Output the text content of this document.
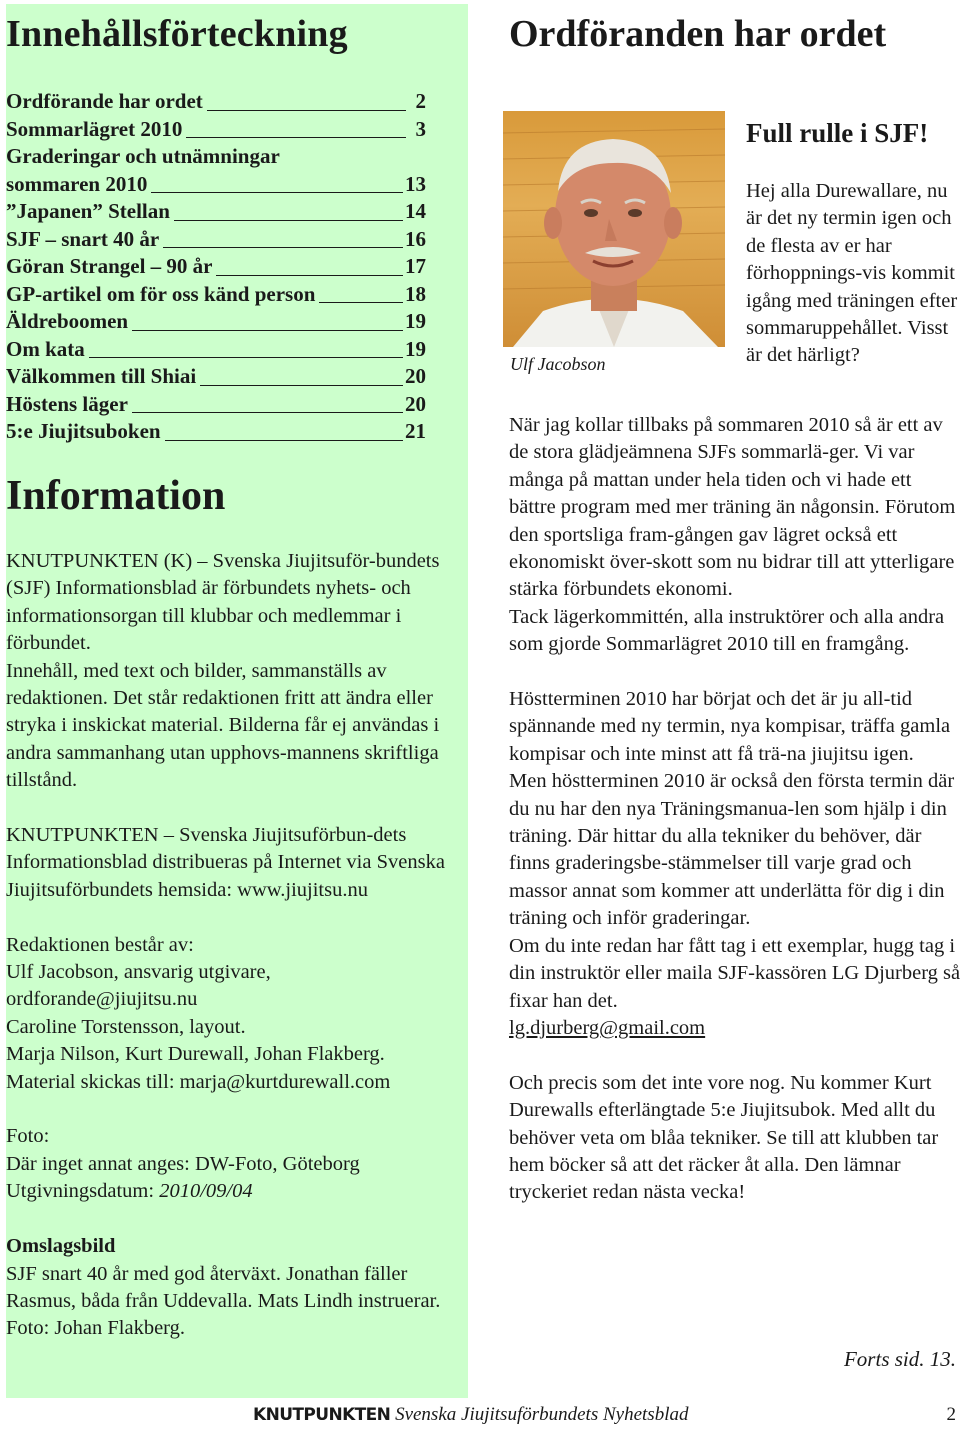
Innehållsförteckning
Ordförande har ordet	2
Sommarlägret 2010	3
Graderingar och utnämningar
sommaren 2010	13
”Japanen” Stellan	14
SJF – snart 40 år	16
Göran Strangel – 90 år	17
GP-artikel om för oss känd person	18
Äldreboomen	19
Om kata	19
Välkommen till Shiai	20
Höstens läger	20
5:e Jiujitsuboken	21
Information

KNUTPUNKTEN (K) – Svenska Jiujitsuför-bundets (SJF) Informationsblad är förbundets nyhets- och informationsorgan till klubbar och medlemmar i förbundet.

Innehåll, med text och bilder, sammanställs av redaktionen. Det står redaktionen fritt att ändra eller stryka i inskickat material. Bilderna får ej användas i andra sammanhang utan upphovs-mannens skriftliga tillstånd.

KNUTPUNKTEN – Svenska Jiujitsuförbun-dets Informationsblad distribueras på Internet via Svenska Jiujitsuförbundets hemsida: www.jiujitsu.nu

Redaktionen består av:

Ulf Jacobson, ansvarig utgivare,

ordforande@jiujitsu.nu

Caroline Torstensson, layout.

Marja Nilson, Kurt Durewall, Johan Flakberg.

Material skickas till: marja@kurtdurewall.com

Foto:

Där inget annat anges: DW-Foto, Göteborg

Utgivningsdatum: 2010/09/04

Omslagsbild

SJF snart 40 år med god återväxt. Jonathan fäller Rasmus, båda från Uddevalla. Mats Lindh instruerar. Foto: Johan Flakberg.

Ordföranden har ordet
Ulf Jacobson
Full rulle i SJF!

Hej alla Durewallare, nu är det ny termin igen och de flesta av er har förhoppnings-vis kommit igång med träningen efter sommaruppehållet. Visst är det härligt?

När jag kollar tillbaks på sommaren 2010 så är ett av de stora glädjeämnena SJFs sommarlä-ger. Vi var många på mattan under hela tiden och vi hade ett bättre program med mer träning än någonsin. Förutom den sportsliga fram-gången gav lägret också ett ekonomiskt över-skott som nu bidrar till att ytterligare stärka förbundets ekonomi.

Tack lägerkommittén, alla instruktörer och alla andra som gjorde Sommarlägret 2010 till en framgång.

Höstterminen 2010 har börjat och det är ju all-tid spännande med ny termin, nya kompisar, träffa gamla kompisar och inte minst att få trä-na jiujitsu igen.

Men höstterminen 2010 är också den första termin där du nu har den nya Träningsmanua-len som hjälp i din träning. Där hittar du alla tekniker du behöver, där finns graderingsbe-stämmelser till varje grad och massor annat som kommer att underlätta för dig i din träning och inför graderingar.

Om du inte redan har fått tag i ett exemplar, hugg tag i din instruktör eller maila SJF-kassören LG Djurberg så fixar han det.

lg.djurberg@gmail.com

Och precis som det inte vore nog. Nu kommer Kurt Durewalls efterlängtade 5:e Jiujitsubok. Med allt du behöver veta om blåa tekniker. Se till att klubben tar hem böcker så att det räcker åt alla. Den lämnar tryckeriet redan nästa vecka!

Forts sid. 13.
KNUTPUNKTEN Svenska Jiujitsuförbundets Nyhetsblad	2
